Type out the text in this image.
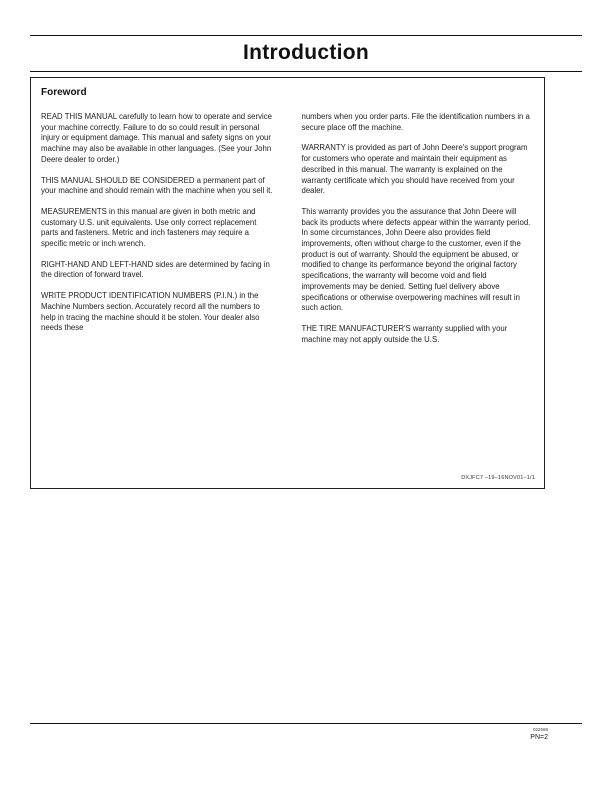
Introduction
Foreword

READ THIS MANUAL carefully to learn how to operate and service your machine correctly. Failure to do so could result in personal injury or equipment damage. This manual and safety signs on your machine may also be available in other languages. (See your John Deere dealer to order.)

THIS MANUAL SHOULD BE CONSIDERED a permanent part of your machine and should remain with the machine when you sell it.

MEASUREMENTS in this manual are given in both metric and customary U.S. unit equivalents. Use only correct replacement parts and fasteners. Metric and inch fasteners may require a specific metric or inch wrench.

RIGHT-HAND AND LEFT-HAND sides are determined by facing in the direction of forward travel.

WRITE PRODUCT IDENTIFICATION NUMBERS (P.I.N.) in the Machine Numbers section. Accurately record all the numbers to help in tracing the machine should it be stolen. Your dealer also needs these

numbers when you order parts. File the identification numbers in a secure place off the machine.

WARRANTY is provided as part of John Deere's support program for customers who operate and maintain their equipment as described in this manual. The warranty is explained on the warranty certificate which you should have received from your dealer.

This warranty provides you the assurance that John Deere will back its products where defects appear within the warranty period. In some circumstances, John Deere also provides field improvements, often without charge to the customer, even if the product is out of warranty. Should the equipment be abused, or modified to change its performance beyond the original factory specifications, the warranty will become void and field improvements may be denied. Setting fuel delivery above specifications or otherwise overpowering machines will result in such action.

THE TIRE MANUFACTURER'S warranty supplied with your machine may not apply outside the U.S.

DXJFC7 –19–16NOV01–1/1
022588
PN=2
